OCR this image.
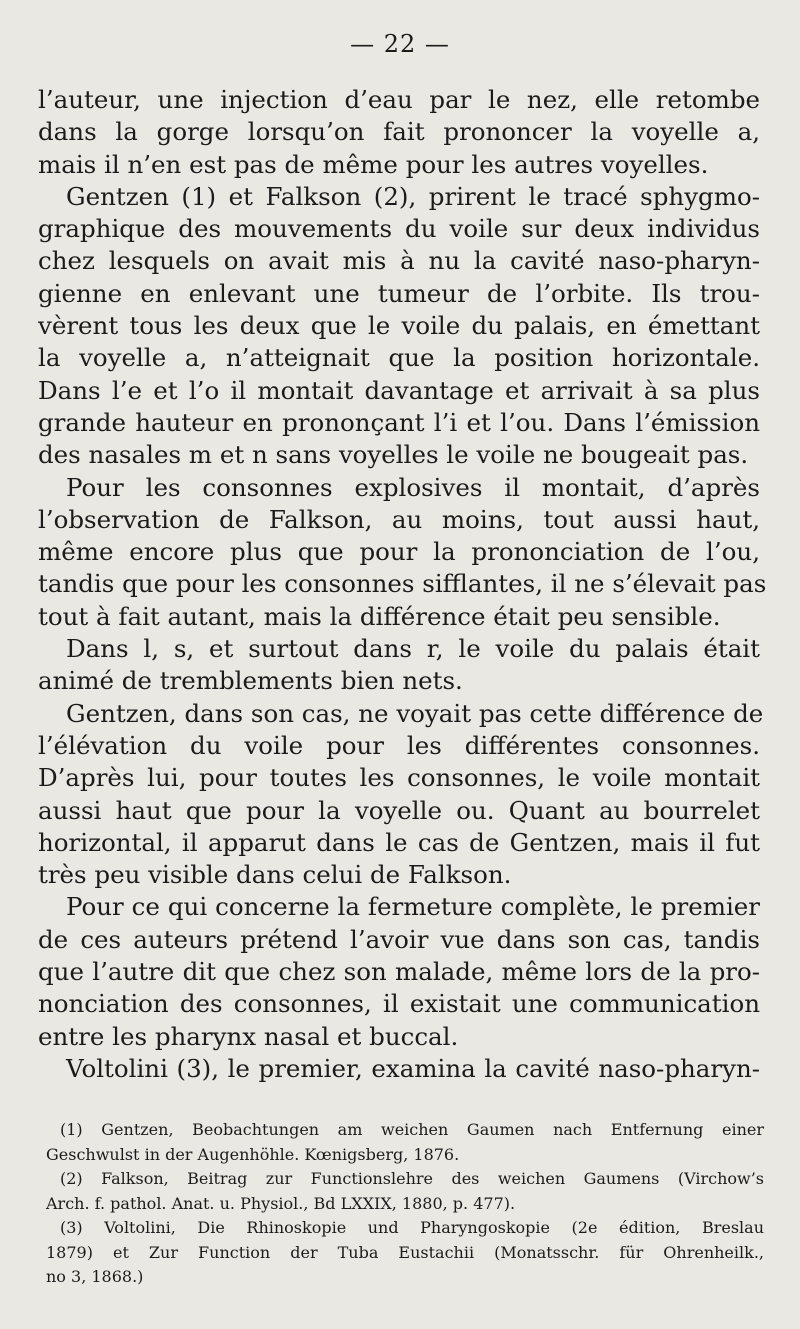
— 22 —
l’auteur, une injection d’eau par le nez, elle retombe
dans la gorge lorsqu’on fait prononcer la voyelle a,
mais il n’en est pas de même pour les autres voyelles.
Gentzen (1) et Falkson (2), prirent le tracé sphygmo-
graphique des mouvements du voile sur deux individus
chez lesquels on avait mis à nu la cavité naso-pharyn-
gienne en enlevant une tumeur de l’orbite. Ils trou-
vèrent tous les deux que le voile du palais, en émettant
la voyelle a, n’atteignait que la position horizontale.
Dans l’e et l’o il montait davantage et arrivait à sa plus
grande hauteur en prononçant l’i et l’ou. Dans l’émission
des nasales m et n sans voyelles le voile ne bougeait pas.
Pour les consonnes explosives il montait, d’après
l’observation de Falkson, au moins, tout aussi haut,
même encore plus que pour la prononciation de l’ou,
tandis que pour les consonnes sifflantes, il ne s’élevait pas
tout à fait autant, mais la différence était peu sensible.
Dans l, s, et surtout dans r, le voile du palais était
animé de tremblements bien nets.
Gentzen, dans son cas, ne voyait pas cette différence de
l’élévation du voile pour les différentes consonnes.
D’après lui, pour toutes les consonnes, le voile montait
aussi haut que pour la voyelle ou. Quant au bourrelet
horizontal, il apparut dans le cas de Gentzen, mais il fut
très peu visible dans celui de Falkson.
Pour ce qui concerne la fermeture complète, le premier
de ces auteurs prétend l’avoir vue dans son cas, tandis
que l’autre dit que chez son malade, même lors de la pro-
nonciation des consonnes, il existait une communication
entre les pharynx nasal et buccal.
Voltolini (3), le premier, examina la cavité naso-pharyn-
(1) Gentzen, Beobachtungen am weichen Gaumen nach Entfernung einer
Geschwulst in der Augenhöhle. Kœnigsberg, 1876.
(2) Falkson, Beitrag zur Functionslehre des weichen Gaumens (Virchow’s
Arch. f. pathol. Anat. u. Physiol., Bd LXXIX, 1880, p. 477).
(3) Voltolini, Die Rhinoskopie und Pharyngoskopie (2e édition, Breslau
1879) et Zur Function der Tuba Eustachii (Monatsschr. für Ohrenheilk.,
no 3, 1868.)
